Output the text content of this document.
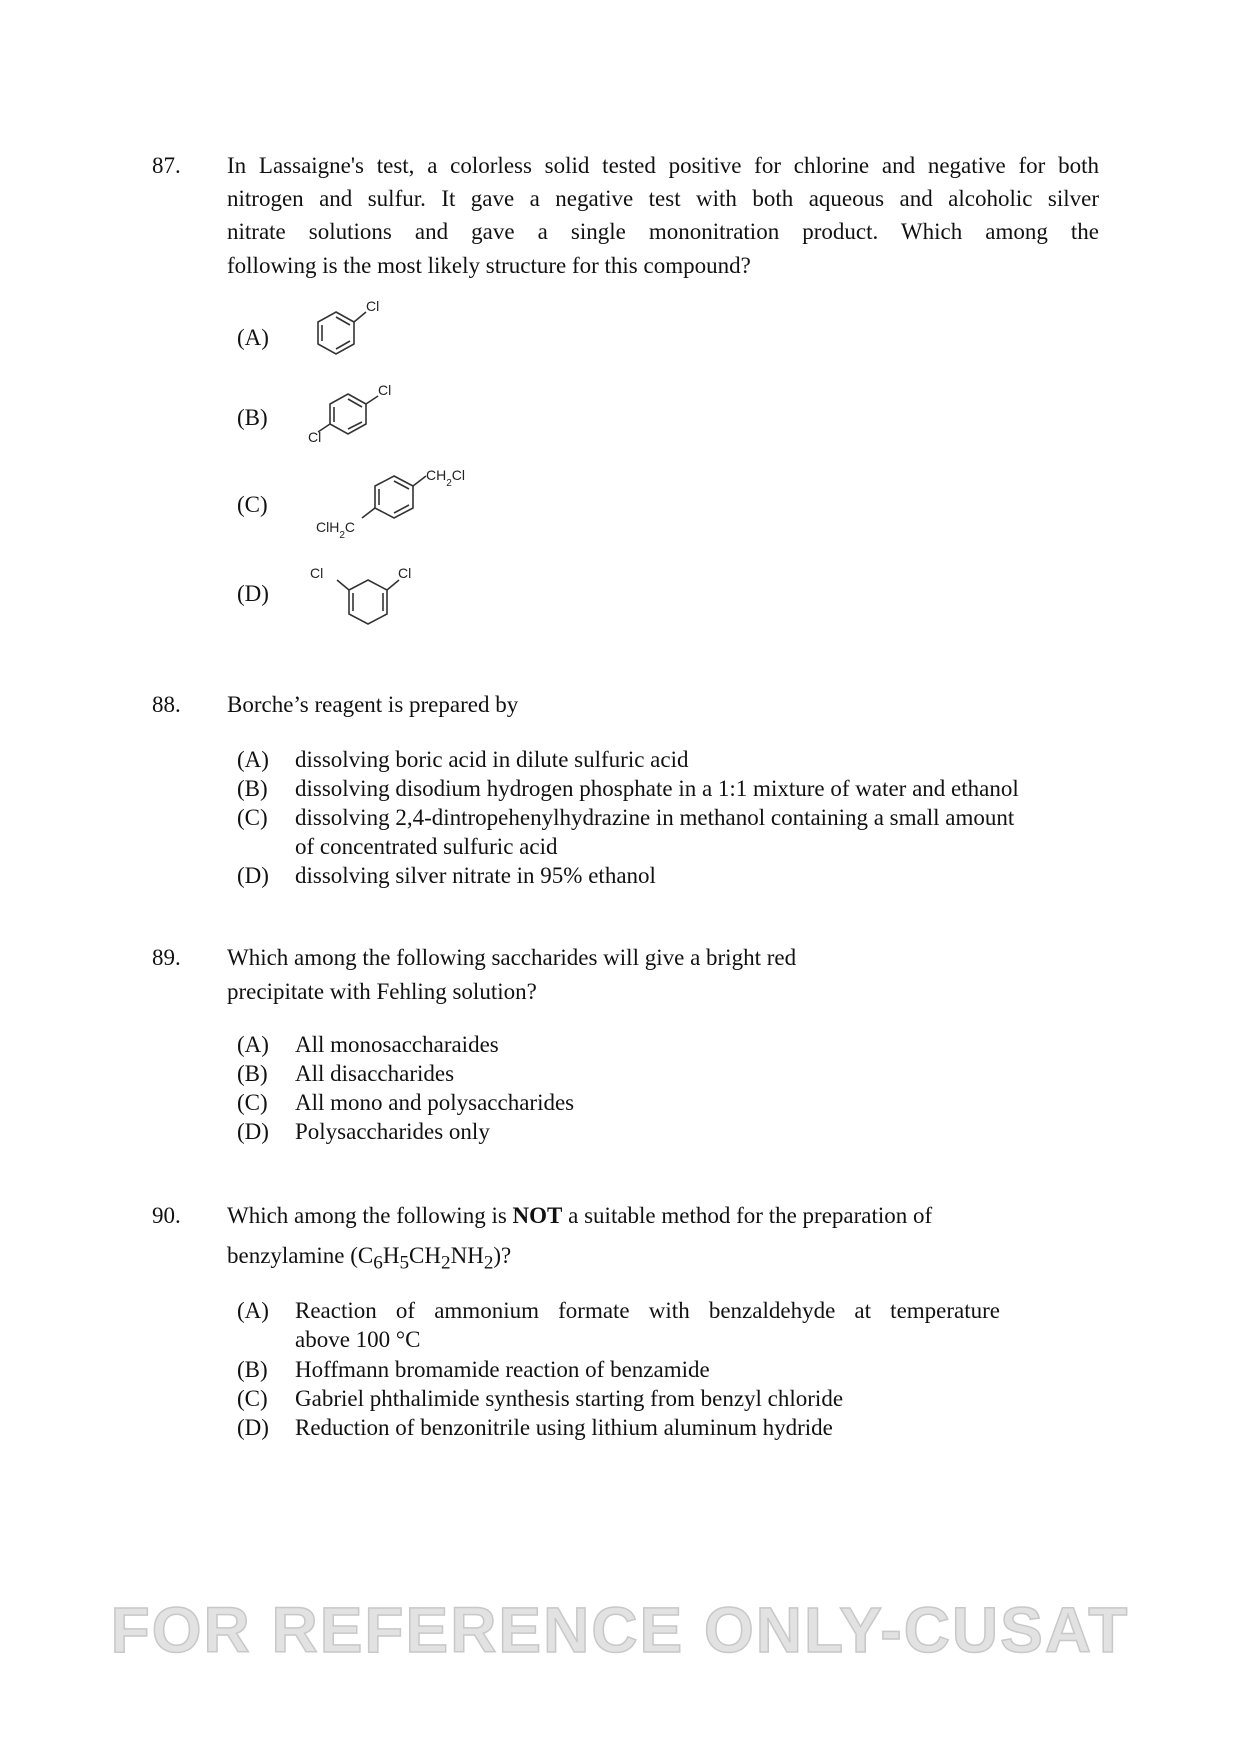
FOR REFERENCE ONLY-CUSAT
87. In Lassaigne's test, a colorless solid tested positive for chlorine and negative for both
nitrogen and sulfur. It gave a negative test with both aqueous and alcoholic silver
nitrate solutions and gave a single mononitration product. Which among the
following is the most likely structure for this compound?
(A)
Cl
(B)
Cl
Cl
(C)
$CH_2Cl$
ClH$_2$C
(D)
Cl
Cl
88. Borche’s reagent is prepared by
(A) dissolving boric acid in dilute sulfuric acid
(B) dissolving disodium hydrogen phosphate in a 1:1 mixture of water and ethanol
(C) dissolving 2,4-dintropehenylhydrazine in methanol containing a small amount
of concentrated sulfuric acid
(D) dissolving silver nitrate in 95% ethanol
89. Which among the following saccharides will give a bright red
precipitate with Fehling solution?
(A) All monosaccharaides
(B) All disaccharides
(C) All mono and polysaccharides
(D) Polysaccharides only
90. Which among the following is NOT a suitable method for the preparation of
benzylamine $(C_6H_5CH_2NH_2)$?
(A) Reaction of ammonium formate with benzaldehyde at temperature
above 100 °C
(B) Hoffmann bromamide reaction of benzamide
(C) Gabriel phthalimide synthesis starting from benzyl chloride
(D) Reduction of benzonitrile using lithium aluminum hydride
